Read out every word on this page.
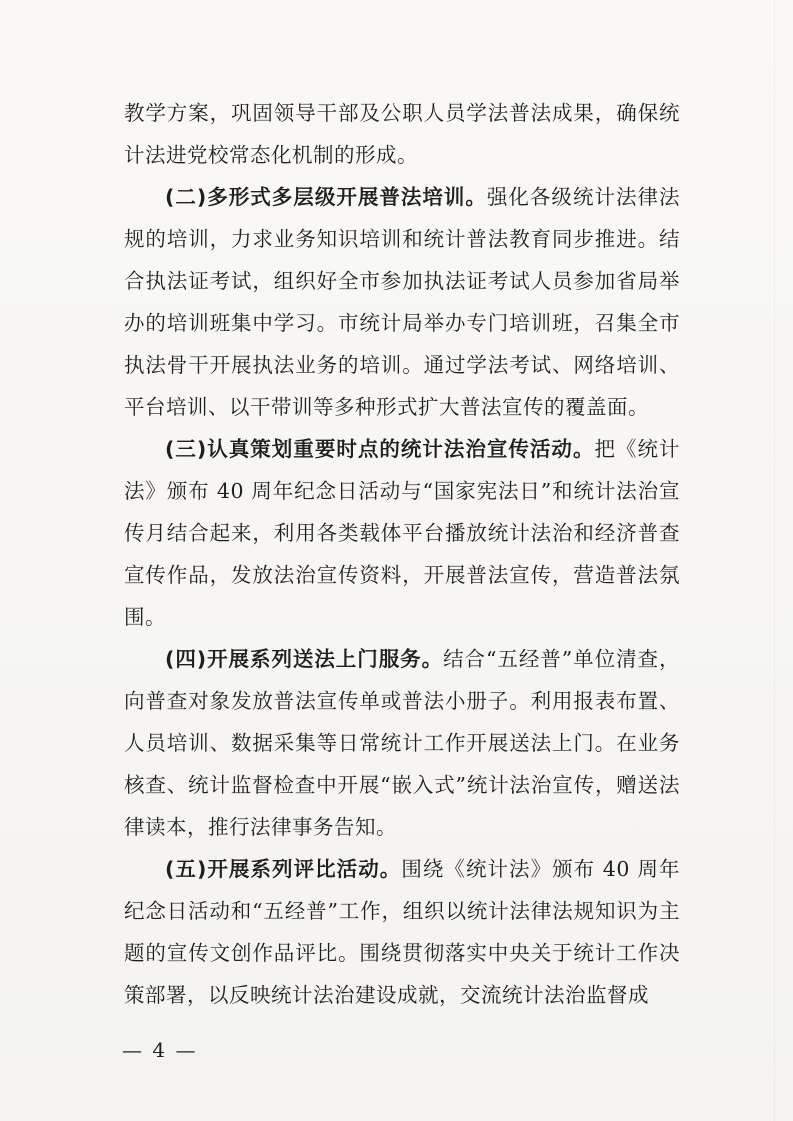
教学方案，巩固领导干部及公职人员学法普法成果，确保统计法进党校常态化机制的形成。

(二)多形式多层级开展普法培训。强化各级统计法律法规的培训，力求业务知识培训和统计普法教育同步推进。结合执法证考试，组织好全市参加执法证考试人员参加省局举办的培训班集中学习。市统计局举办专门培训班，召集全市执法骨干开展执法业务的培训。通过学法考试、网络培训、平台培训、以干带训等多种形式扩大普法宣传的覆盖面。

(三)认真策划重要时点的统计法治宣传活动。把《统计法》颁布 40 周年纪念日活动与“国家宪法日”和统计法治宣传月结合起来，利用各类载体平台播放统计法治和经济普查宣传作品，发放法治宣传资料，开展普法宣传，营造普法氛围。

(四)开展系列送法上门服务。结合“五经普”单位清查，向普查对象发放普法宣传单或普法小册子。利用报表布置、人员培训、数据采集等日常统计工作开展送法上门。在业务核查、统计监督检查中开展“嵌入式”统计法治宣传，赠送法律读本，推行法律事务告知。

(五)开展系列评比活动。围绕《统计法》颁布 40 周年纪念日活动和“五经普”工作，组织以统计法律法规知识为主题的宣传文创作品评比。围绕贯彻落实中央关于统计工作决策部署，以反映统计法治建设成就，交流统计法治监督成

— 4 —
